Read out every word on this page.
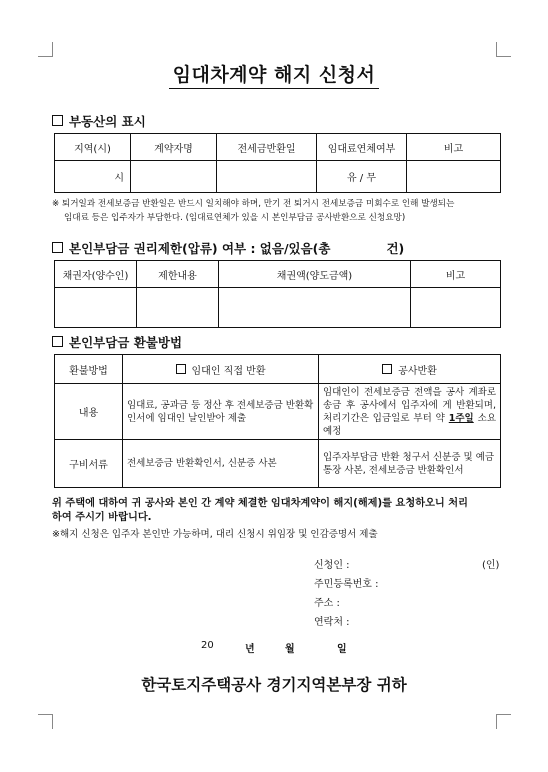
임대차계약 해지 신청서
부동산의 표시
지역(시)	계약자명	전세금반환일	임대료연체여부	비고
시			유 / 무	
※ 퇴거일과 전세보증금 반환일은 반드시 일치해야 하며, 만기 전 퇴거시 전세보증금 미회수로 인해 발생되는
임대료 등은 입주자가 부담한다. (임대료연체가 있을 시 본인부담금 공사반환으로 신청요망)
본인부담금 권리제한(압류) 여부 : 없음/있음(총	건)
채권자(양수인)	제한내용	채권액(양도금액)	비고

본인부담금 환불방법
환불방법	임대인 직접 반환	공사반환
내용	임대료, 공과금 등 정산 후 전세보증금 반환확인서에 임대인 날인받아 제출	임대인이 전세보증금 전액을 공사 계좌로 송금 후 공사에서 입주자에 게 반환되며, 처리기간은 입금일로 부터 약 1주일 소요예정
구비서류	전세보증금 반환확인서, 신분증 사본	입주자부담금 반환 청구서 신분증 및 예금통장 사본, 전세보증금 반환확인서
위 주택에 대하여 귀 공사와 본인 간 계약 체결한 임대차계약이 해지(해제)를 요청하오니 처리
하여 주시기 바랍니다.
※해지 신청은 입주자 본인만 가능하며, 대리 신청시 위임장 및 인감증명서 제출
신청인 :	(인)
주민등록번호 :
주소 :
연락처 :
20	년	월	일
한국토지주택공사 경기지역본부장 귀하
